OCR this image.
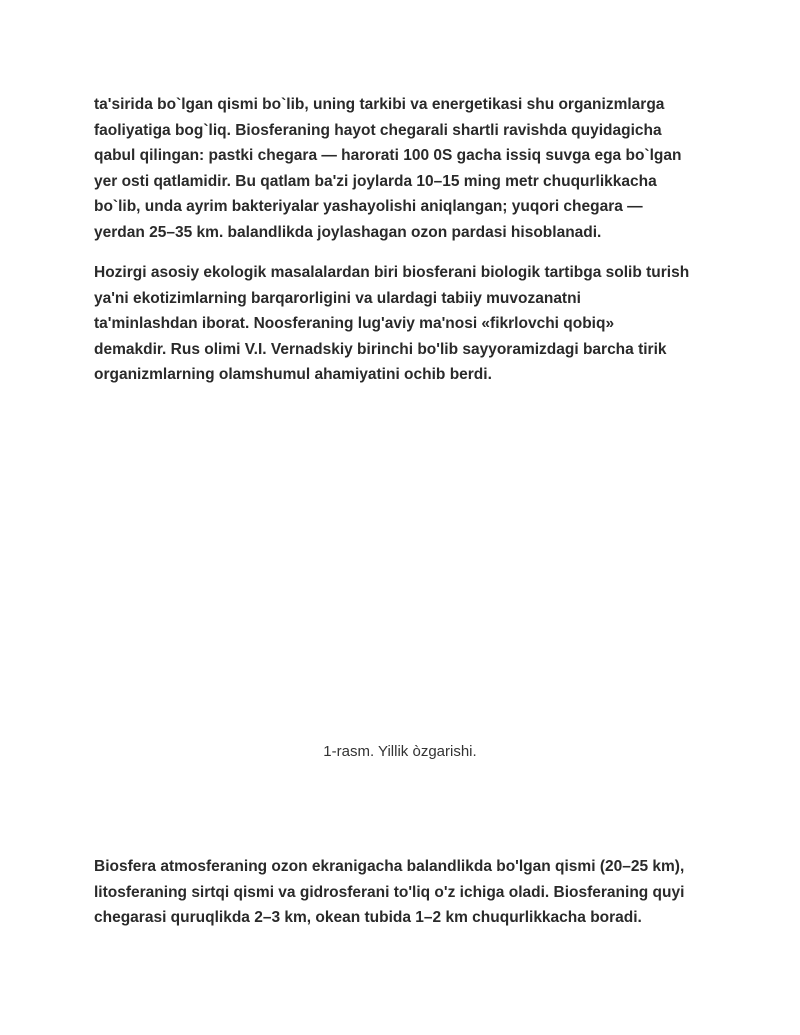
ta'sirida bo`lgan qismi bo`lib, uning tarkibi va energetikasi shu organizmlarga
faoliyatiga bog`liq. Biosferaning hayot chegarali shartli ravishda quyidagicha
qabul qilingan: pastki chegara — harorati 100 0S gacha issiq suvga ega bo`lgan
yer osti qatlamidir. Bu qatlam ba'zi joylarda 10–15 ming metr chuqurlikkacha
bo`lib, unda ayrim bakteriyalar yashayolishi aniqlangan; yuqori chegara —
yerdan 25–35 km. balandlikda joylashagan ozon pardasi hisoblanadi.

Hozirgi asosiy ekologik masalalardan biri biosferani biologik tartibga solib turish
ya'ni ekotizimlarning barqarorligini va ulardagi tabiiy muvozanatni
ta'minlashdan iborat. Noosferaning lug'aviy ma'nosi «fikrlovchi qobiq»
demakdir. Rus olimi V.I. Vernadskiy birinchi bo'lib sayyoramizdagi barcha tirik
organizmlarning olamshumul ahamiyatini ochib berdi.

1-rasm. Yillik òzgarishi.

Biosfera atmosferaning ozon ekranigacha balandlikda bo'lgan qismi (20–25 km),
litosferaning sirtqi qismi va gidrosferani to'liq o'z ichiga oladi. Biosferaning quyi
chegarasi quruqlikda 2–3 km, okean tubida 1–2 km chuqurlikkacha boradi.
